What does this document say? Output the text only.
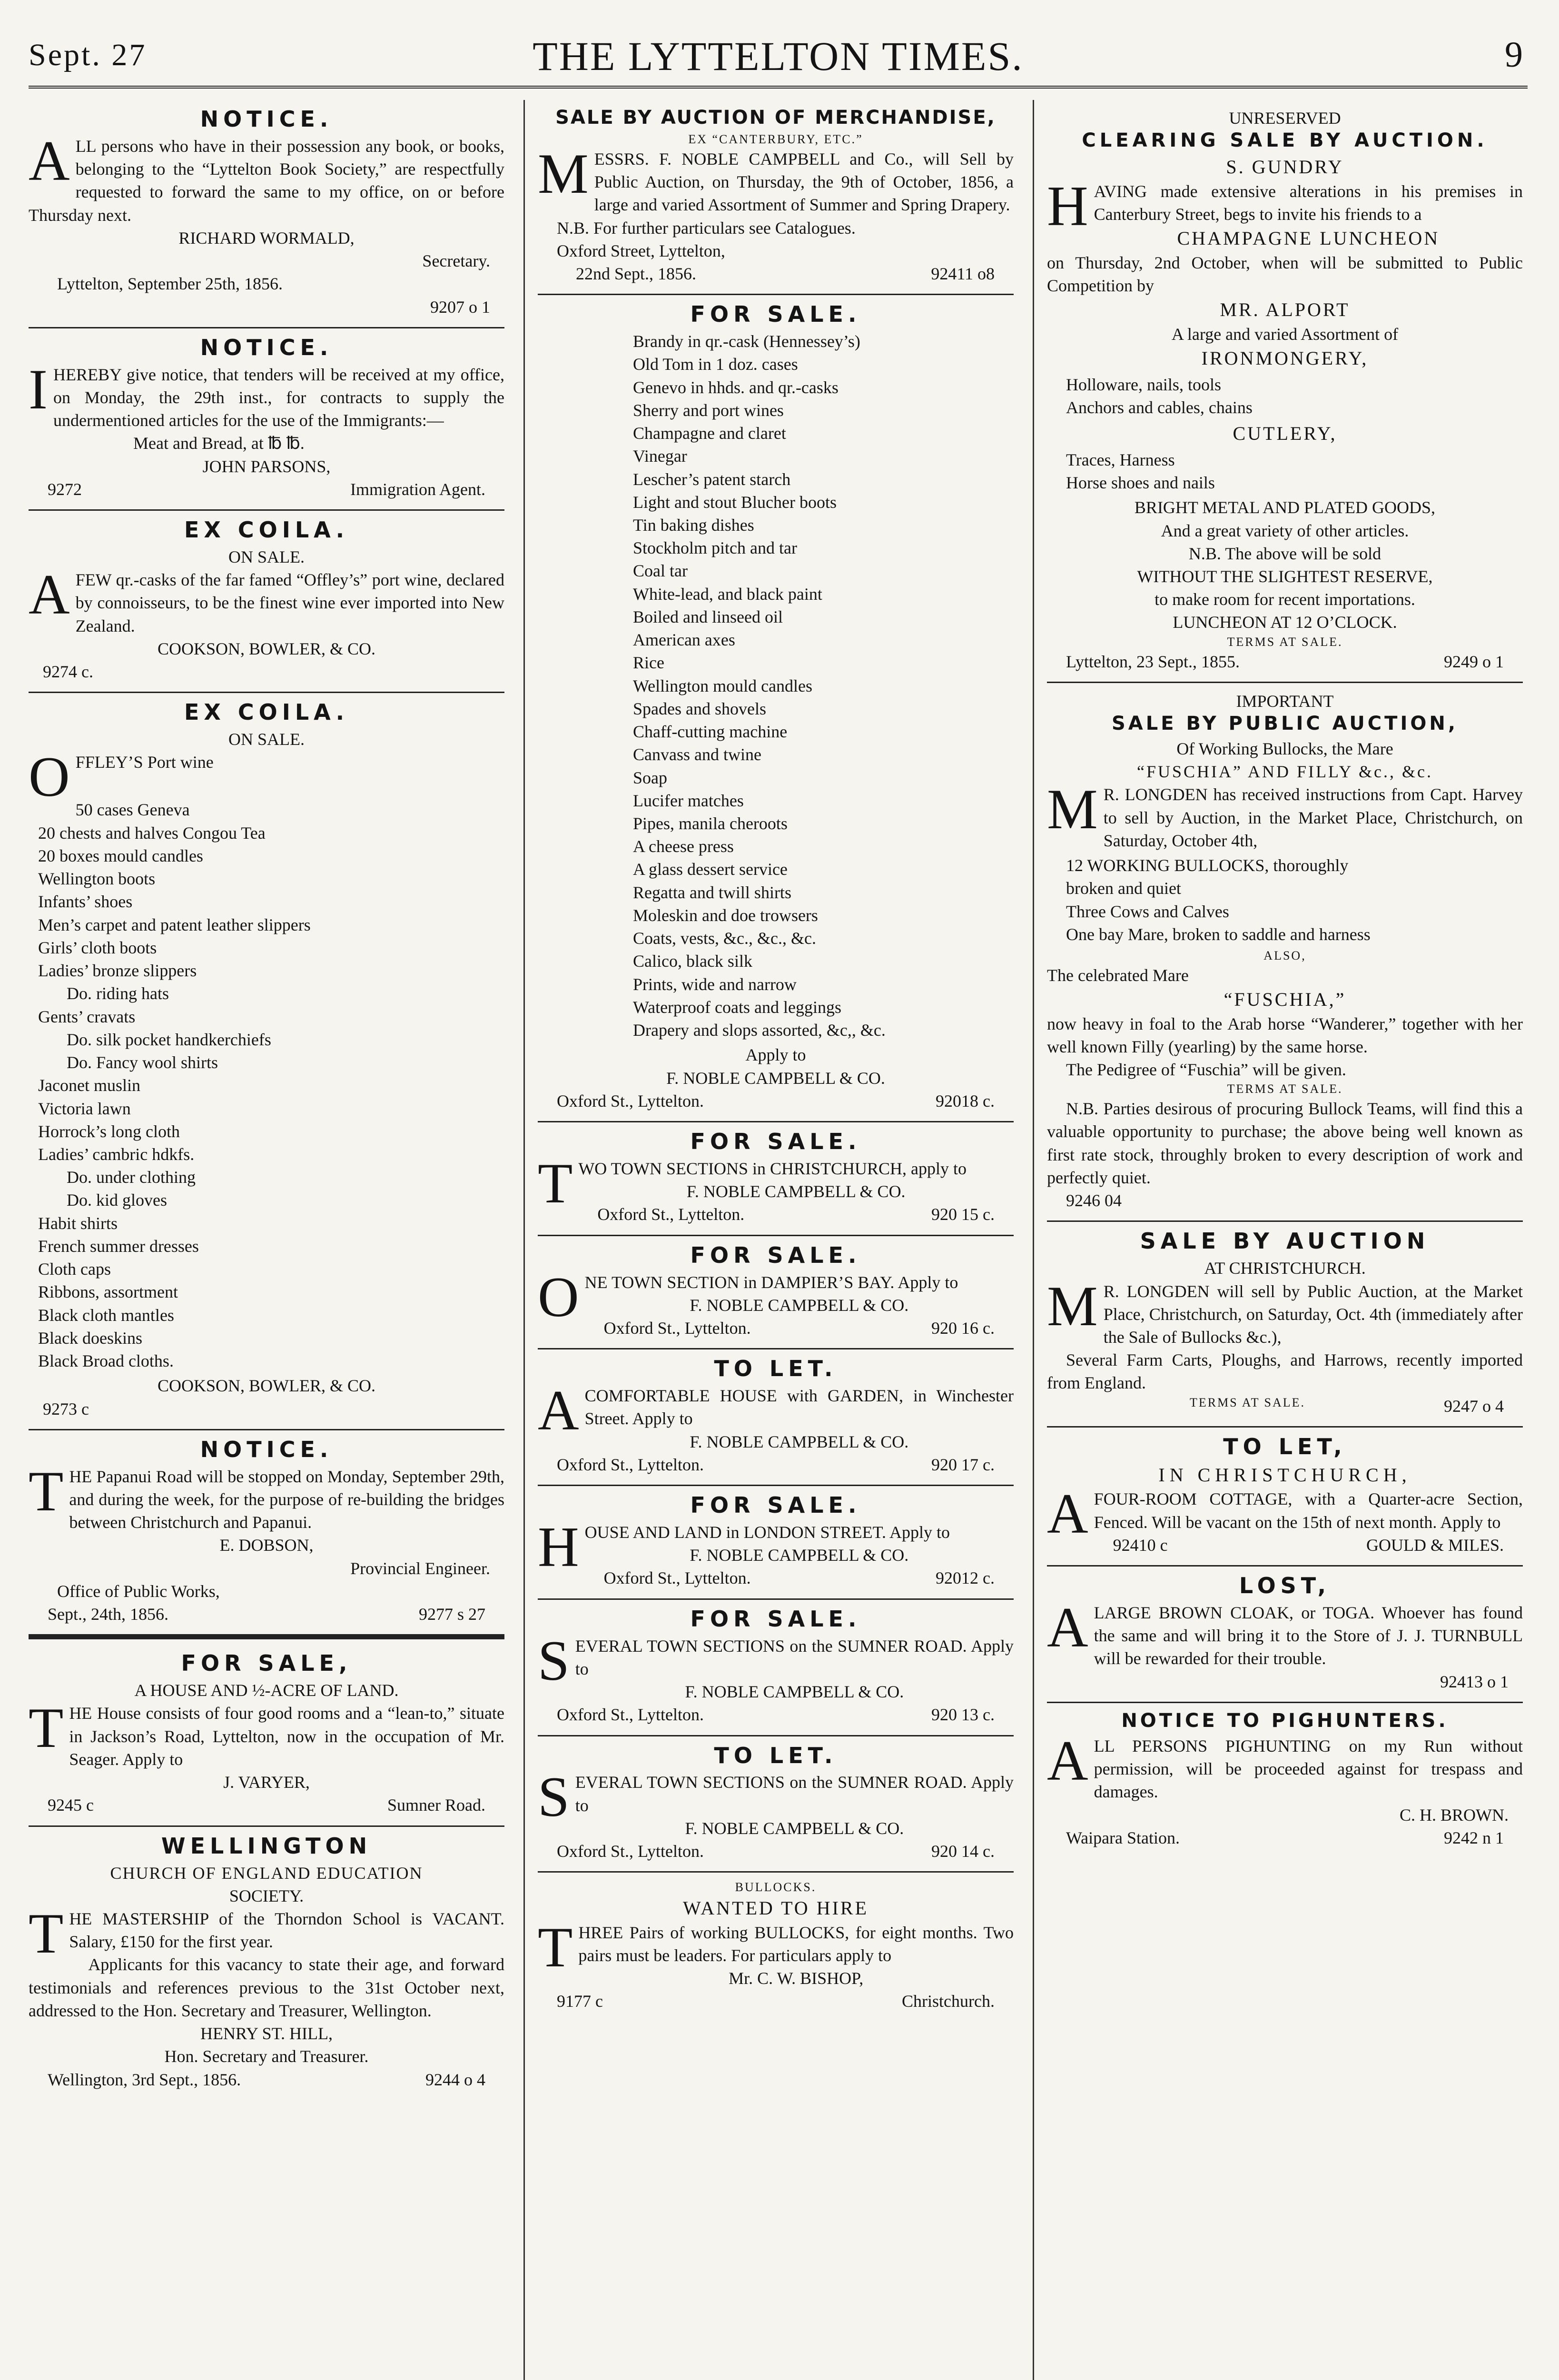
Sept. 27	THE LYTTELTON TIMES.	9
NOTICE.

ALL persons who have in their possession any book, or books, belonging to the “Lyttelton Book Society,” are respectfully requested to forward the same to my office, on or before Thursday next.

RICHARD WORMALD,
Secretary.
Lyttelton, September 25th, 1856.
9207 o 1
NOTICE.

IHEREBY give notice, that tenders will be received at my office, on Monday, the 29th inst., for contracts to supply the undermentioned articles for the use of the Immigrants:—

Meat and Bread, at ℔ ℔.
JOHN PARSONS,
9272	Immigration Agent.
EX COILA.
ON SALE.

AFEW qr.-casks of the far famed “Offley’s” port wine, declared by connoisseurs, to be the finest wine ever imported into New Zealand.

COOKSON, BOWLER, & CO.
9274 c.
EX COILA.
ON SALE.

OFFLEY’S Port wine

50 cases Geneva
20 chests and halves Congou Tea
20 boxes mould candles
Wellington boots
Infants’ shoes
Men’s carpet and patent leather slippers
Girls’ cloth boots
Ladies’ bronze slippers
Do. riding hats
Gents’ cravats
Do. silk pocket handkerchiefs
Do. Fancy wool shirts
Jaconet muslin
Victoria lawn
Horrock’s long cloth
Ladies’ cambric hdkfs.
Do. under clothing
Do. kid gloves
Habit shirts
French summer dresses
Cloth caps
Ribbons, assortment
Black cloth mantles
Black doeskins
Black Broad cloths.
COOKSON, BOWLER, & CO.
9273 c
NOTICE.

THE Papanui Road will be stopped on Monday, September 29th, and during the week, for the purpose of re-building the bridges between Christchurch and Papanui.

E. DOBSON,
Provincial Engineer.
Office of Public Works,
Sept., 24th, 1856.	9277 s 27
FOR SALE,
A HOUSE AND ½-ACRE OF LAND.

THE House consists of four good rooms and a “lean-to,” situate in Jackson’s Road, Lyttelton, now in the occupation of Mr. Seager. Apply to

J. VARYER,
9245 c	Sumner Road.
WELLINGTON
CHURCH OF ENGLAND EDUCATION
SOCIETY.

THE MASTERSHIP of the Thorndon School is VACANT. Salary, £150 for the first year.

Applicants for this vacancy to state their age, and forward testimonials and references previous to the 31st October next, addressed to the Hon. Secretary and Treasurer, Wellington.

HENRY ST. HILL,
Hon. Secretary and Treasurer.
Wellington, 3rd Sept., 1856.	9244 o 4
SALE BY AUCTION OF MERCHANDISE,
EX “CANTERBURY, ETC.”

MESSRS. F. NOBLE CAMPBELL and Co., will Sell by Public Auction, on Thursday, the 9th of October, 1856, a large and varied Assortment of Summer and Spring Drapery.

N.B. For further particulars see Catalogues.
Oxford Street, Lyttelton,
22nd Sept., 1856.	92411 o8
FOR SALE.
Brandy in qr.-cask (Hennessey’s)
Old Tom in 1 doz. cases
Genevo in hhds. and qr.-casks
Sherry and port wines
Champagne and claret
Vinegar
Lescher’s patent starch
Light and stout Blucher boots
Tin baking dishes
Stockholm pitch and tar
Coal tar
White-lead, and black paint
Boiled and linseed oil
American axes
Rice
Wellington mould candles
Spades and shovels
Chaff-cutting machine
Canvass and twine
Soap
Lucifer matches
Pipes, manila cheroots
A cheese press
A glass dessert service
Regatta and twill shirts
Moleskin and doe trowsers
Coats, vests, &c., &c., &c.
Calico, black silk
Prints, wide and narrow
Waterproof coats and leggings
Drapery and slops assorted, &c,, &c.
Apply to
F. NOBLE CAMPBELL & CO.
Oxford St., Lyttelton.	92018 c.
FOR SALE.

TWO TOWN SECTIONS in CHRISTCHURCH, apply to

F. NOBLE CAMPBELL & CO.
Oxford St., Lyttelton.	920 15 c.
FOR SALE.

ONE TOWN SECTION in DAMPIER’S BAY. Apply to

F. NOBLE CAMPBELL & CO.
Oxford St., Lyttelton.	920 16 c.
TO LET.

ACOMFORTABLE HOUSE with GARDEN, in Winchester Street. Apply to

F. NOBLE CAMPBELL & CO.
Oxford St., Lyttelton.	920 17 c.
FOR SALE.

HOUSE AND LAND in LONDON STREET. Apply to

F. NOBLE CAMPBELL & CO.
Oxford St., Lyttelton.	92012 c.
FOR SALE.

SEVERAL TOWN SECTIONS on the SUMNER ROAD. Apply to

F. NOBLE CAMPBELL & CO.
Oxford St., Lyttelton.	920 13 c.
TO LET.

SEVERAL TOWN SECTIONS on the SUMNER ROAD. Apply to

F. NOBLE CAMPBELL & CO.
Oxford St., Lyttelton.	920 14 c.
BULLOCKS.
WANTED TO HIRE

THREE Pairs of working BULLOCKS, for eight months. Two pairs must be leaders. For particulars apply to

Mr. C. W. BISHOP,
9177 c	Christchurch.
UNRESERVED
CLEARING SALE BY AUCTION.
S. GUNDRY

HAVING made extensive alterations in his premises in Canterbury Street, begs to invite his friends to a

CHAMPAGNE LUNCHEON

on Thursday, 2nd October, when will be submitted to Public Competition by

MR. ALPORT
A large and varied Assortment of
IRONMONGERY,
Holloware, nails, tools
Anchors and cables, chains
CUTLERY,
Traces, Harness
Horse shoes and nails
BRIGHT METAL AND PLATED GOODS,
And a great variety of other articles.
N.B. The above will be sold
WITHOUT THE SLIGHTEST RESERVE,
to make room for recent importations.
LUNCHEON AT 12 O’CLOCK.
TERMS AT SALE.
Lyttelton, 23 Sept., 1855.	9249 o 1
IMPORTANT
SALE BY PUBLIC AUCTION,
Of Working Bullocks, the Mare
“FUSCHIA” AND FILLY &c., &c.

MR. LONGDEN has received instructions from Capt. Harvey to sell by Auction, in the Market Place, Christchurch, on Saturday, October 4th,

12 WORKING BULLOCKS, thoroughly
broken and quiet
Three Cows and Calves
One bay Mare, broken to saddle and harness
ALSO,
The celebrated Mare
“FUSCHIA,”

now heavy in foal to the Arab horse “Wanderer,” together with her well known Filly (yearling) by the same horse.

The Pedigree of “Fuschia” will be given.
TERMS AT SALE.

N.B. Parties desirous of procuring Bullock Teams, will find this a valuable opportunity to purchase; the above being well known as first rate stock, throughly broken to every description of work and perfectly quiet.

9246 04
SALE BY AUCTION
AT CHRISTCHURCH.

MR. LONGDEN will sell by Public Auction, at the Market Place, Christchurch, on Saturday, Oct. 4th (immediately after the Sale of Bullocks &c.),

Several Farm Carts, Ploughs, and Harrows, recently imported from England.

TERMS AT SALE.	9247 o 4
TO LET,
IN CHRISTCHURCH,

AFOUR-ROOM COTTAGE, with a Quarter-acre Section, Fenced. Will be vacant on the 15th of next month. Apply to

92410 c	GOULD & MILES.
LOST,

ALARGE BROWN CLOAK, or TOGA. Whoever has found the same and will bring it to the Store of J. J. TURNBULL will be rewarded for their trouble.

92413 o 1
NOTICE TO PIGHUNTERS.

ALL PERSONS PIGHUNTING on my Run without permission, will be proceeded against for trespass and damages.

C. H. BROWN.
Waipara Station.	9242 n 1
